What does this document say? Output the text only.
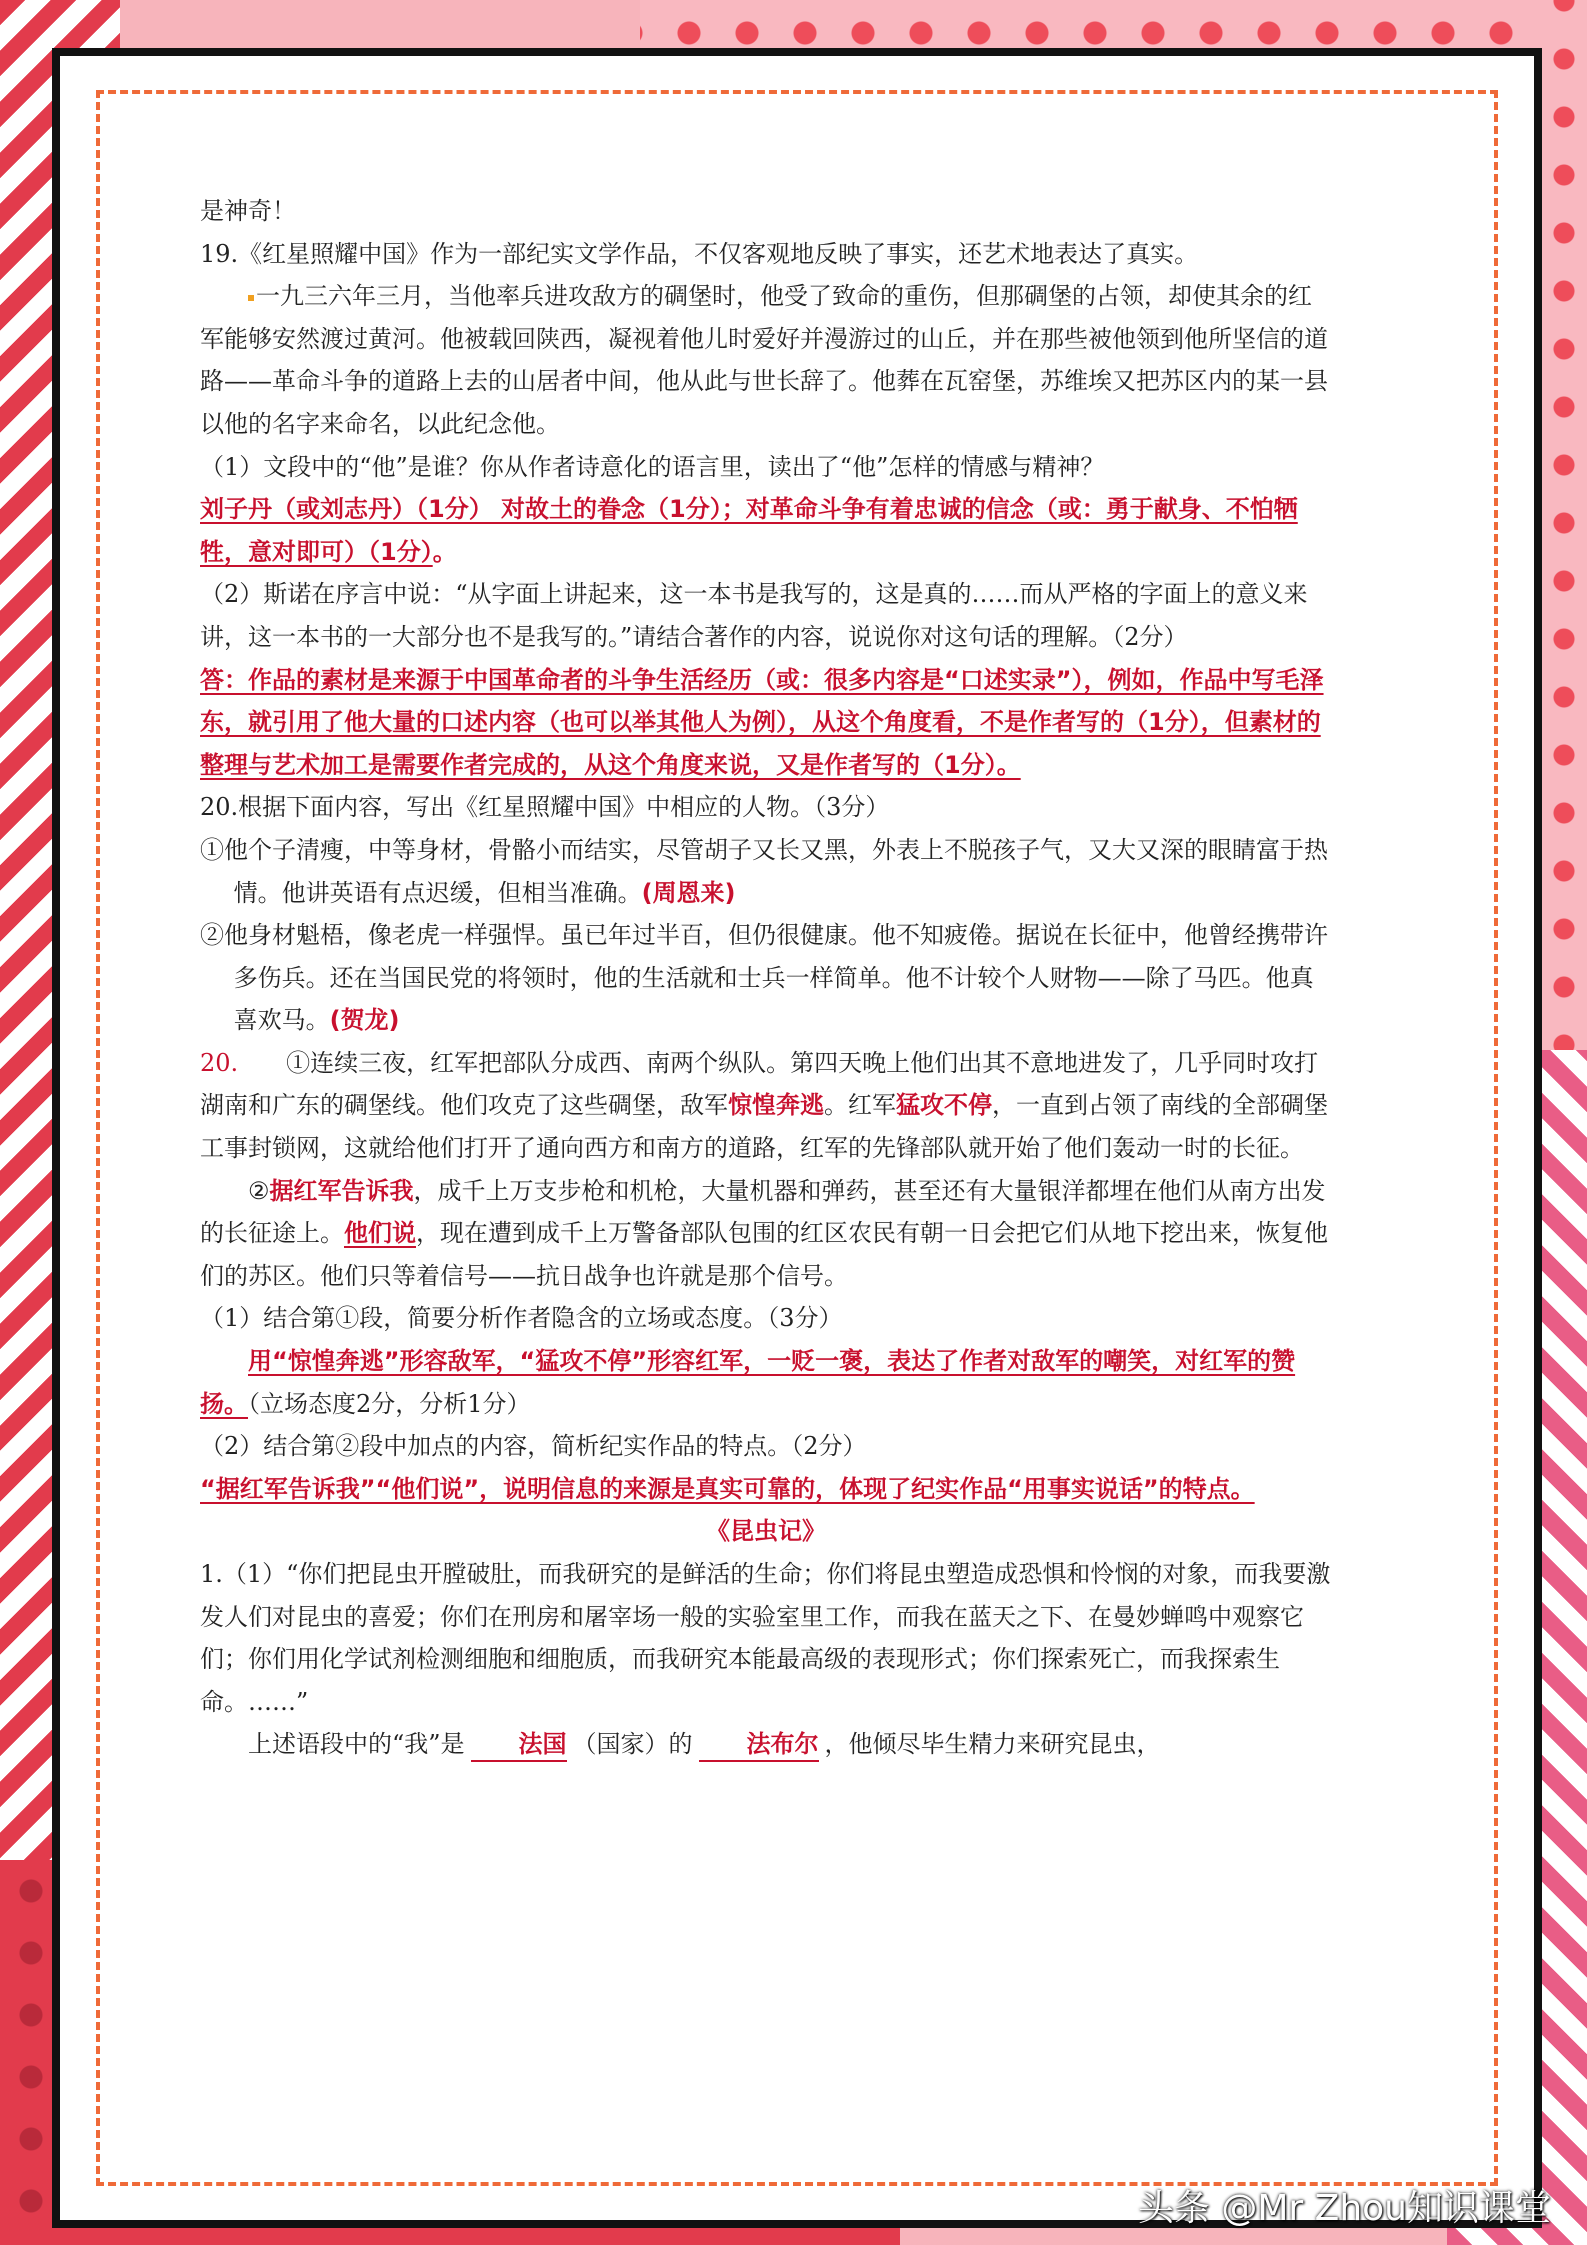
是神奇！

19.《红星照耀中国》作为一部纪实文学作品，不仅客观地反映了事实，还艺术地表达了真实。

一九三六年三月，当他率兵进攻敌方的碉堡时，他受了致命的重伤，但那碉堡的占领，却使其余的红军能够安然渡过黄河。他被载回陕西，凝视着他儿时爱好并漫游过的山丘，并在那些被他领到他所坚信的道路——革命斗争的道路上去的山居者中间，他从此与世长辞了。他葬在瓦窑堡，苏维埃又把苏区内的某一县以他的名字来命名，以此纪念他。

（1）文段中的“他”是谁？你从作者诗意化的语言里，读出了“他”怎样的情感与精神？

刘子丹（或刘志丹）（1分） 对故土的眷念（1分）；对革命斗争有着忠诚的信念（或：勇于献身、不怕牺牲，意对即可）（1分）。

（2）斯诺在序言中说：“从字面上讲起来，这一本书是我写的，这是真的……而从严格的字面上的意义来讲，这一本书的一大部分也不是我写的。”请结合著作的内容，说说你对这句话的理解。（2分）

答：作品的素材是来源于中国革命者的斗争生活经历（或：很多内容是“口述实录”），例如，作品中写毛泽东，就引用了他大量的口述内容（也可以举其他人为例），从这个角度看，不是作者写的（1分），但素材的整理与艺术加工是需要作者完成的，从这个角度来说，又是作者写的（1分）。

20.根据下面内容，写出《红星照耀中国》中相应的人物。（3分）

①他个子清瘦，中等身材，骨骼小而结实，尽管胡子又长又黑，外表上不脱孩子气，又大又深的眼睛富于热情。他讲英语有点迟缓，但相当准确。(周恩来)

②他身材魁梧，像老虎一样强悍。虽已年过半百，但仍很健康。他不知疲倦。据说在长征中，他曾经携带许多伤兵。还在当国民党的将领时，他的生活就和士兵一样简单。他不计较个人财物——除了马匹。他真喜欢马。(贺龙)

20.   ①连续三夜，红军把部队分成西、南两个纵队。第四天晚上他们出其不意地进发了，几乎同时攻打湖南和广东的碉堡线。他们攻克了这些碉堡，敌军惊惶奔逃。红军猛攻不停，一直到占领了南线的全部碉堡工事封锁网，这就给他们打开了通向西方和南方的道路，红军的先锋部队就开始了他们轰动一时的长征。

②据红军告诉我，成千上万支步枪和机枪，大量机器和弹药，甚至还有大量银洋都埋在他们从南方出发的长征途上。他们说，现在遭到成千上万警备部队包围的红区农民有朝一日会把它们从地下挖出来，恢复他们的苏区。他们只等着信号——抗日战争也许就是那个信号。

（1）结合第①段，简要分析作者隐含的立场或态度。（3分）

用“惊惶奔逃”形容敌军，“猛攻不停”形容红军，一贬一褒，表达了作者对敌军的嘲笑，对红军的赞扬。（立场态度2分，分析1分）

（2）结合第②段中加点的内容，简析纪实作品的特点。（2分）

“据红军告诉我”“他们说”，说明信息的来源是真实可靠的，体现了纪实作品“用事实说话”的特点。

《昆虫记》

1.（1）“你们把昆虫开膛破肚，而我研究的是鲜活的生命；你们将昆虫塑造成恐惧和怜悯的对象，而我要激发人们对昆虫的喜爱；你们在刑房和屠宰场一般的实验室里工作，而我在蓝天之下、在曼妙蝉鸣中观察它们；你们用化学试剂检测细胞和细胞质，而我研究本能最高级的表现形式；你们探索死亡，而我探索生命。……”

上述语段中的“我”是 法国 （国家）的 法布尔 ，他倾尽毕生精力来研究昆虫，

头条 @Mr Zhou知识课堂
